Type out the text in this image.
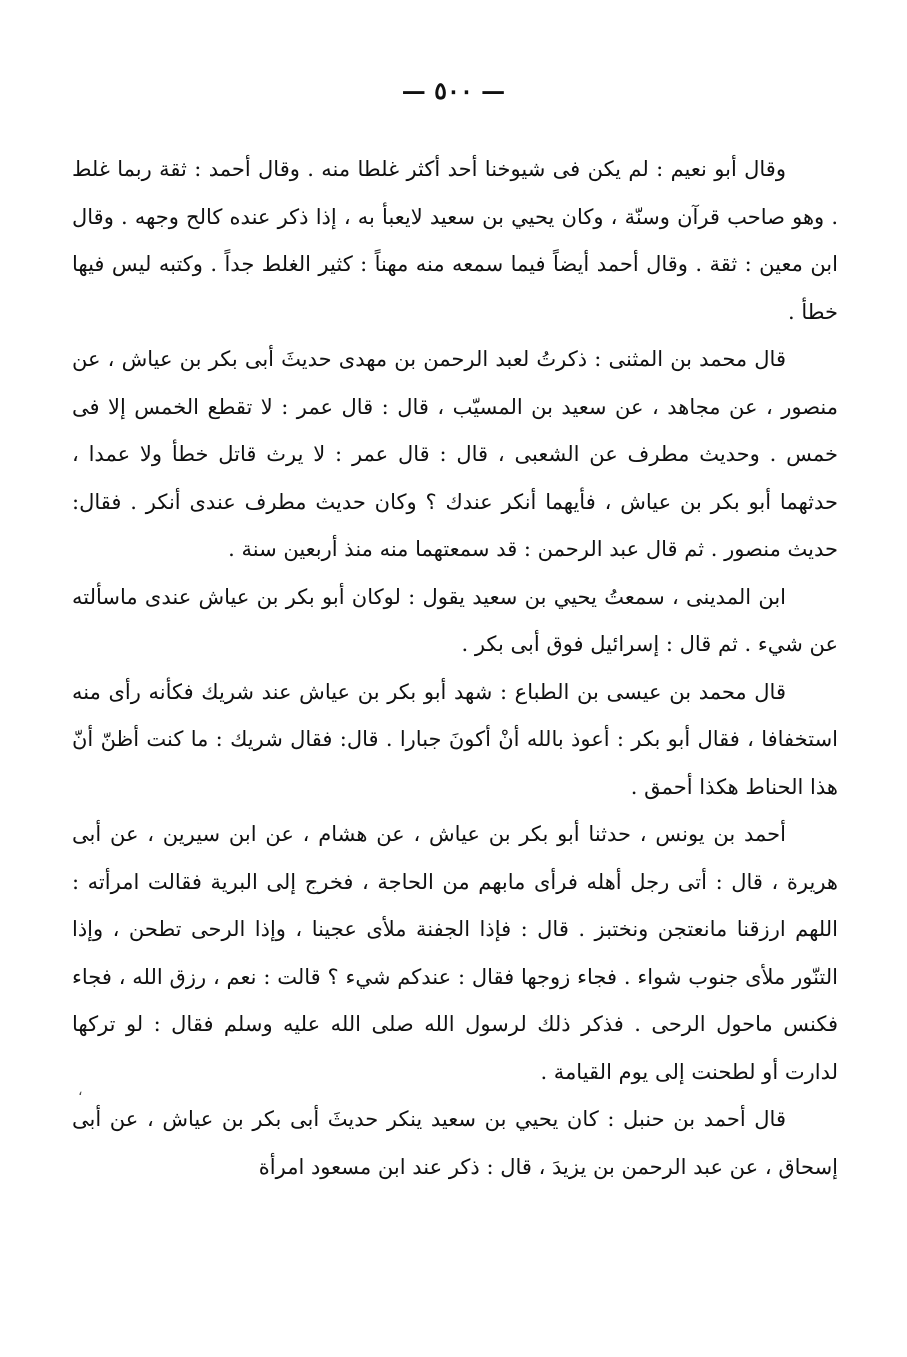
— ٥٠٠ —

وقال أبو نعيم : لم يكن فى شيوخنا أحد أكثر غلطا منه . وقال أحمد : ثقة ربما غلط . وهو صاحب قرآن وسنّة ، وكان يحيي بن سعيد لايعبأ به ، إذا ذكر عنده كالح وجهه . وقال ابن معين : ثقة . وقال أحمد أيضاً فيما سمعه منه مهناً : كثير الغلط جداً . وكتبه ليس فيها خطأ .

قال محمد بن المثنى : ذكرتُ لعبد الرحمن بن مهدى حديثَ أبى بكر بن عياش ، عن منصور ، عن مجاهد ، عن سعيد بن المسيّب ، قال : قال عمر : لا تقطع الخمس إلا فى خمس . وحديث مطرف عن الشعبى ، قال : قال عمر : لا يرث قاتل خطأ ولا عمدا ، حدثهما أبو بكر بن عياش ، فأيهما أنكر عندك ؟ وكان حديث مطرف عندى أنكر . فقال: حديث منصور . ثم قال عبد الرحمن : قد سمعتهما منه منذ أربعين سنة .

ابن المدينى ، سمعتُ يحيي بن سعيد يقول : لوكان أبو بكر بن عياش عندى ماسألته عن شيء . ثم قال : إسرائيل فوق أبى بكر .

قال محمد بن عيسى بن الطباع : شهد أبو بكر بن عياش عند شريك فكأنه رأى منه استخفافا ، فقال أبو بكر : أعوذ بالله أنْ أكونَ جبارا . قال: فقال شريك : ما كنت أظنّ أنّ هذا الحناط هكذا أحمق .

أحمد بن يونس ، حدثنا أبو بكر بن عياش ، عن هشام ، عن ابن سيرين ، عن أبى هريرة ، قال : أتى رجل أهله فرأى مابهم من الحاجة ، فخرج إلى البرية فقالت امرأته : اللهم ارزقنا مانعتجن ونختبز . قال : فإذا الجفنة ملأى عجينا ، وإذا الرحى تطحن ، وإذا التنّور ملأى جنوب شواء . فجاء زوجها فقال : عندكم شيء ؟ قالت : نعم ، رزق الله ، فجاء فكنس ماحول الرحى . فذكر ذلك لرسول الله صلى الله عليه وسلم فقال : لو تركها لدارت أو لطحنت إلى يوم القيامة .

قال أحمد بن حنبل : كان يحيي بن سعيد ينكر حديثَ أبى بكر بن عياش ، عن أبى إسحاق ، عن عبد الرحمن بن يزيدَ ، قال : ذكر عند ابن مسعود امرأة

،
